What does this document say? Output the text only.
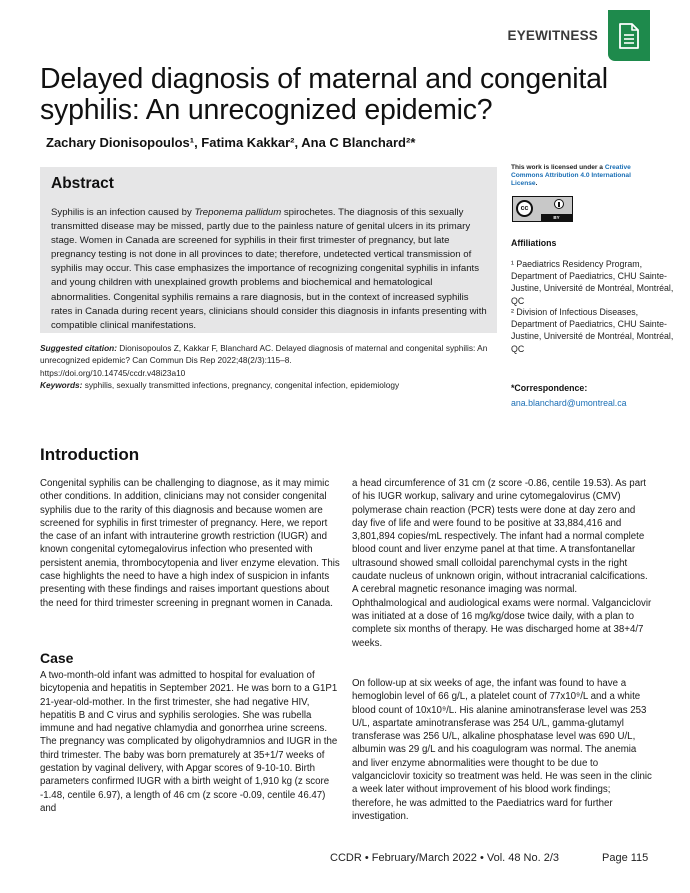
EYEWITNESS
Delayed diagnosis of maternal and congenital syphilis: An unrecognized epidemic?
Zachary Dionisopoulos¹, Fatima Kakkar², Ana C Blanchard²*
Abstract

Syphilis is an infection caused by Treponema pallidum spirochetes. The diagnosis of this sexually transmitted disease may be missed, partly due to the painless nature of genital ulcers in its primary stage. Women in Canada are screened for syphilis in their first trimester of pregnancy, but late pregnancy testing is not done in all provinces to date; therefore, undetected vertical transmission of syphilis may occur. This case emphasizes the importance of recognizing congenital syphilis in infants and young children with unexplained growth problems and biochemical and hematological abnormalities. Congenital syphilis remains a rare diagnosis, but in the context of increased syphilis rates in Canada during recent years, clinicians should consider this diagnosis in infants presenting with compatible clinical manifestations.

Suggested citation: Dionisopoulos Z, Kakkar F, Blanchard AC. Delayed diagnosis of maternal and congenital syphilis: An unrecognized epidemic? Can Commun Dis Rep 2022;48(2/3):115–8.
https://doi.org/10.14745/ccdr.v48i23a10
Keywords: syphilis, sexually transmitted infections, pregnancy, congenital infection, epidemiology
This work is licensed under a Creative Commons Attribution 4.0 International License.
cc
BY
Affiliations
¹ Paediatrics Residency Program, Department of Paediatrics, CHU Sainte-Justine, Université de Montréal, Montréal, QC
² Division of Infectious Diseases, Department of Paediatrics, CHU Sainte-Justine, Université de Montréal, Montréal, QC
*Correspondence:
ana.blanchard@umontreal.ca
Introduction

Congenital syphilis can be challenging to diagnose, as it may mimic other conditions. In addition, clinicians may not consider congenital syphilis due to the rarity of this diagnosis and because women are screened for syphilis in first trimester of pregnancy. Here, we report the case of an infant with intrauterine growth restriction (IUGR) and known congenital cytomegalovirus infection who presented with persistent anemia, thrombocytopenia and liver enzyme elevation. This case highlights the need to have a high index of suspicion in infants presenting with these findings and raises important questions about the need for third trimester screening in pregnant women in Canada.

Case

A two-month-old infant was admitted to hospital for evaluation of bicytopenia and hepatitis in September 2021. He was born to a G1P1 21-year-old-mother. In the first trimester, she had negative HIV, hepatitis B and C virus and syphilis serologies. She was rubella immune and had negative chlamydia and gonorrhea urine screens. The pregnancy was complicated by oligohydramnios and IUGR in the third trimester. The baby was born prematurely at 35+1/7 weeks of gestation by vaginal delivery, with Apgar scores of 9-10-10. Birth parameters confirmed IUGR with a birth weight of 1,910 kg (z score -1.48, centile 6.97), a length of 46 cm (z score -0.09, centile 46.47) and

a head circumference of 31 cm (z score -0.86, centile 19.53). As part of his IUGR workup, salivary and urine cytomegalovirus (CMV) polymerase chain reaction (PCR) tests were done at day zero and day five of life and were found to be positive at 33,884,416 and 3,801,894 copies/mL respectively. The infant had a normal complete blood count and liver enzyme panel at that time. A transfontanellar ultrasound showed small colloidal parenchymal cysts in the right caudate nucleus of unknown origin, without intracranial calcifications. A cerebral magnetic resonance imaging was normal. Ophthalmological and audiological exams were normal. Valganciclovir was initiated at a dose of 16 mg/kg/dose twice daily, with a plan to complete six months of therapy. He was discharged home at 38+4/7 weeks.

On follow-up at six weeks of age, the infant was found to have a hemoglobin level of 66 g/L, a platelet count of 77x10⁹/L and a white blood count of 10x10⁹/L. His alanine aminotransferase level was 253 U/L, aspartate aminotransferase was 254 U/L, gamma-glutamyl transferase was 256 U/L, alkaline phosphatase level was 690 U/L, albumin was 29 g/L and his coagulogram was normal. The anemia and liver enzyme abnormalities were thought to be due to valganciclovir toxicity so treatment was held. He was seen in the clinic a week later without improvement of his blood work findings; therefore, he was admitted to the Paediatrics ward for further investigation.

CCDR • February/March 2022 • Vol. 48 No. 2/3	Page 115
